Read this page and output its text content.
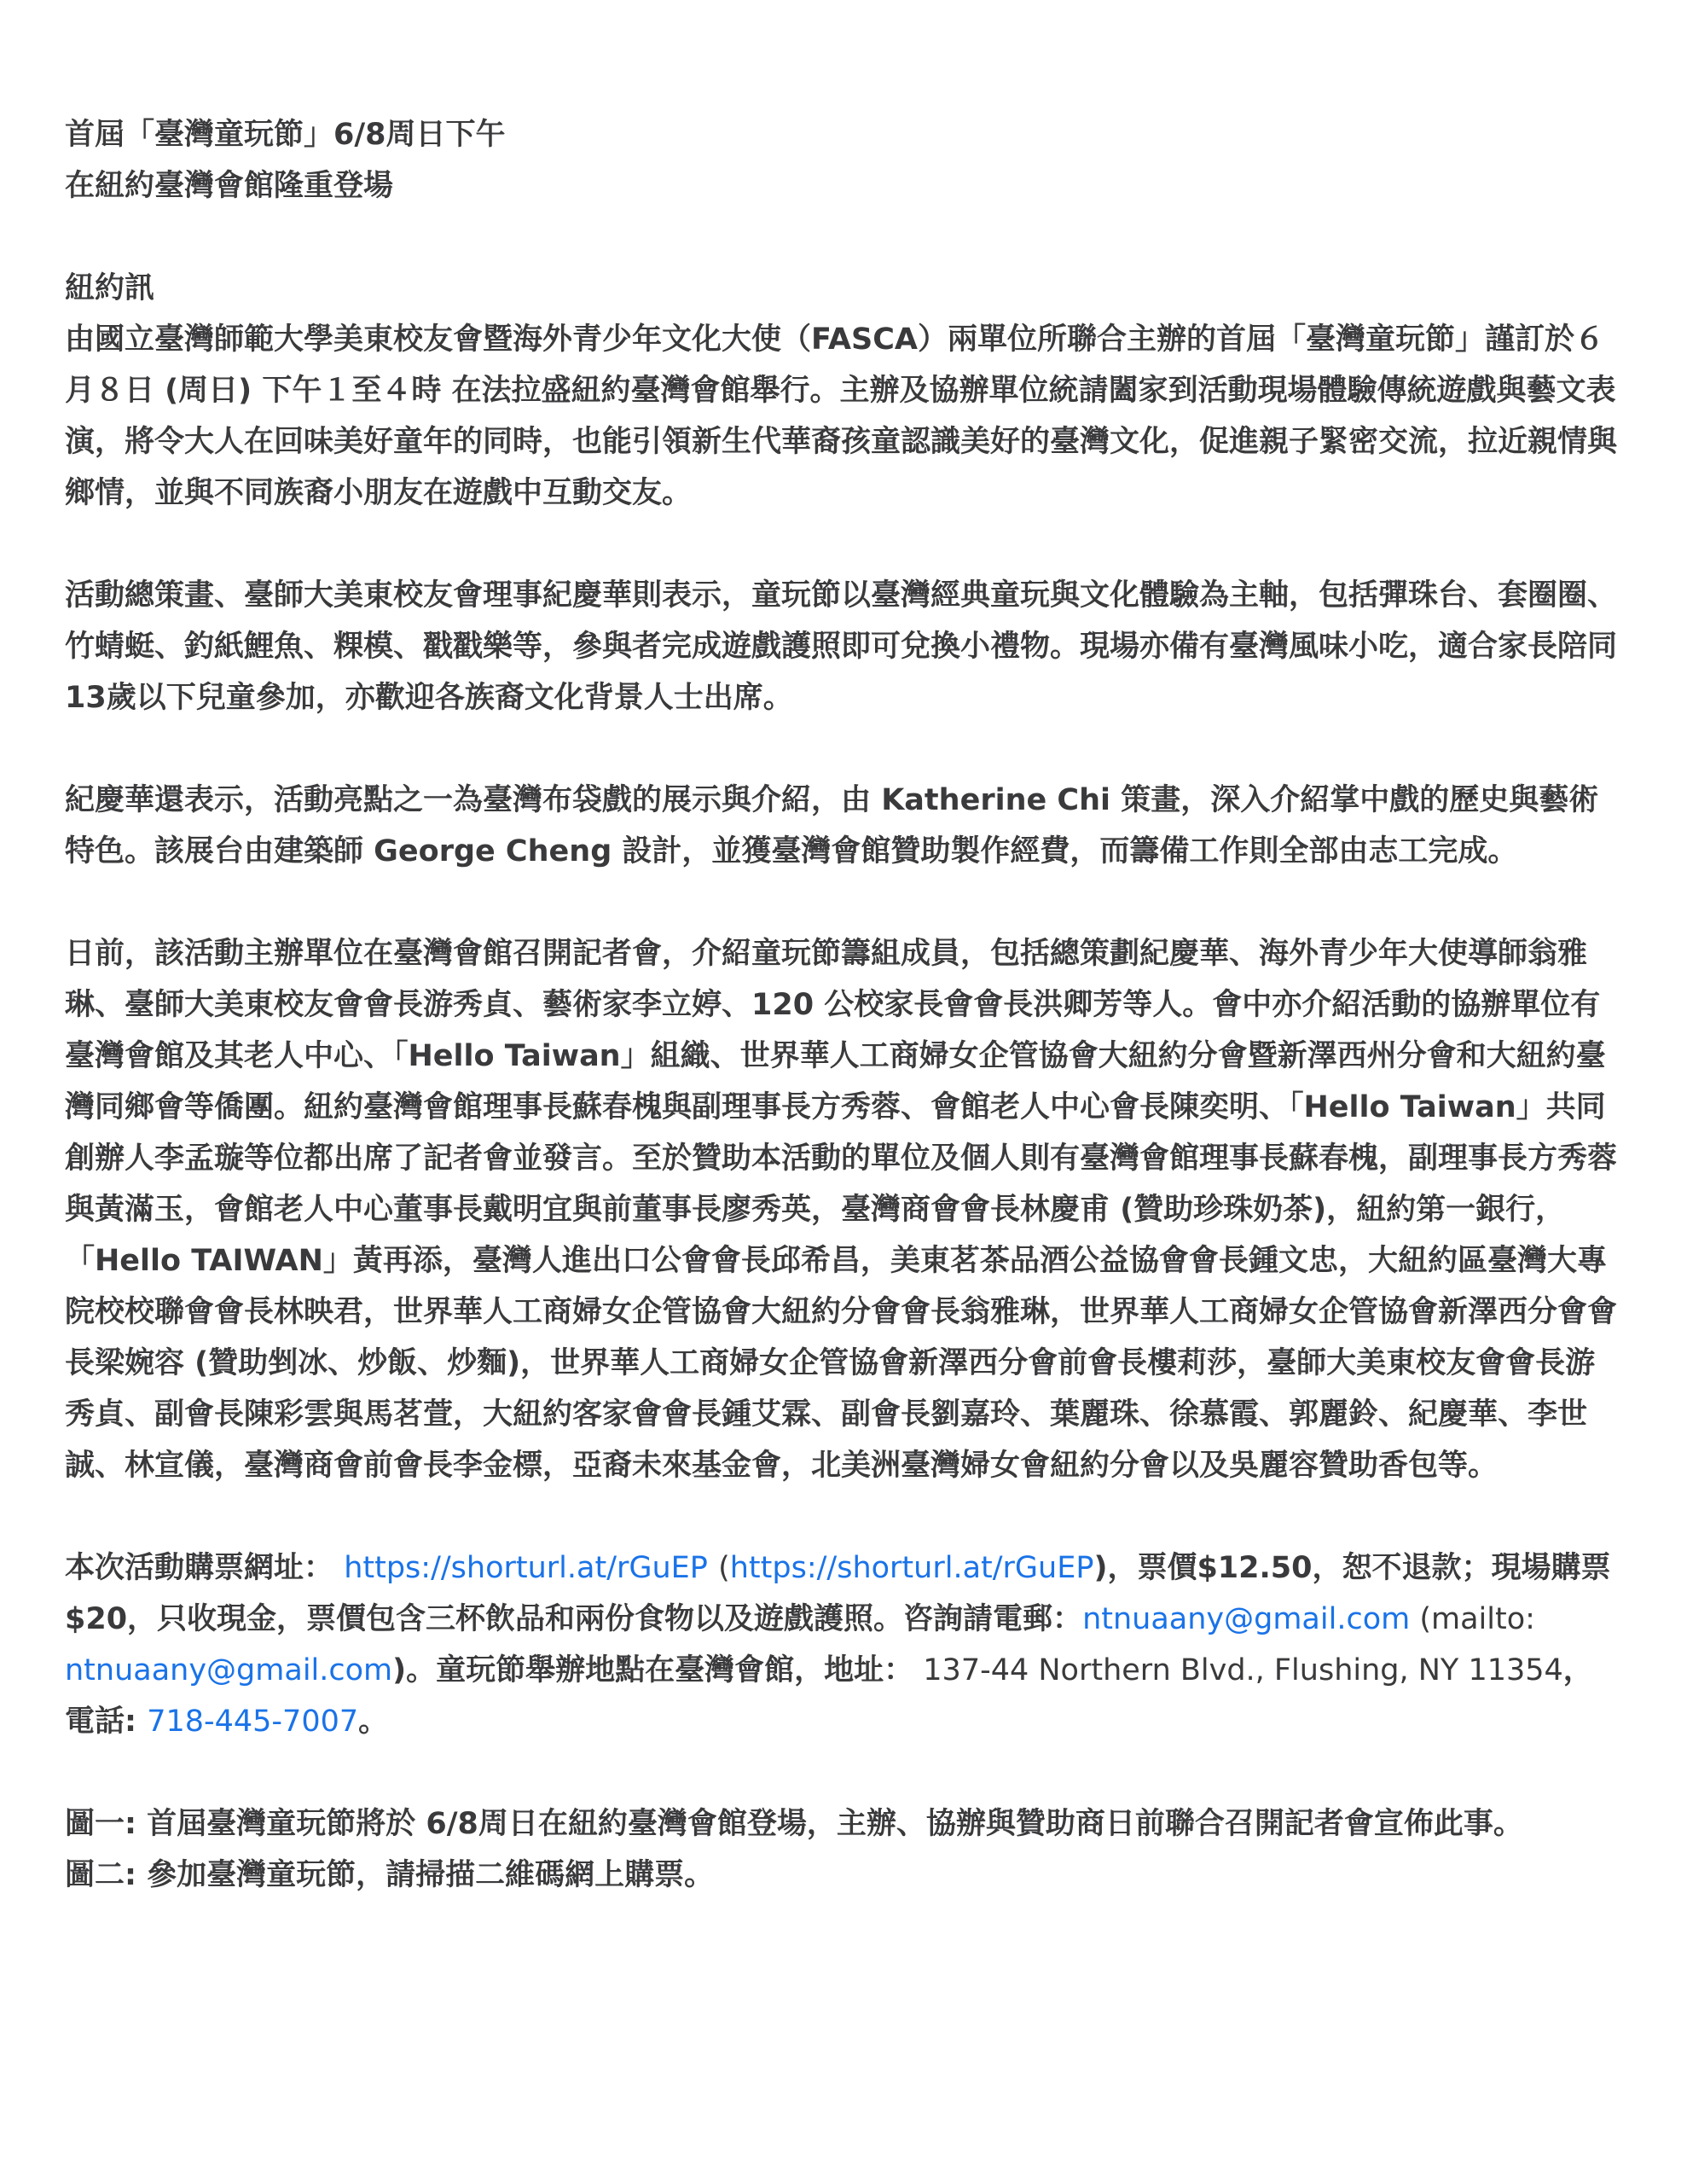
首屆「臺灣童玩節」6/8周日下午

在紐約臺灣會館隆重登場

紐約訊

由國立臺灣師範大學美東校友會暨海外青少年文化大使（FASCA）兩單位所聯合主辦的首屆「臺灣童玩節」謹訂於６月８日 (周日) 下午１至４時 在法拉盛紐約臺灣會館舉行。主辦及協辦單位統請闔家到活動現場體驗傳統遊戲與藝文表演，將令大人在回味美好童年的同時，也能引領新生代華裔孩童認識美好的臺灣文化，促進親子緊密交流，拉近親情與鄉情，並與不同族裔小朋友在遊戲中互動交友。

活動總策畫、臺師大美東校友會理事紀慶華則表示，童玩節以臺灣經典童玩與文化體驗為主軸，包括彈珠台、套圈圈、竹蜻蜓、釣紙鯉魚、粿模、戳戳樂等，參與者完成遊戲護照即可兌換小禮物。現場亦備有臺灣風味小吃，適合家長陪同13歲以下兒童參加，亦歡迎各族裔文化背景人士出席。

紀慶華還表示，活動亮點之一為臺灣布袋戲的展示與介紹，由 Katherine Chi 策畫，深入介紹掌中戲的歷史與藝術特色。該展台由建築師 George Cheng 設計，並獲臺灣會館贊助製作經費，而籌備工作則全部由志工完成。

日前，該活動主辦單位在臺灣會館召開記者會，介紹童玩節籌組成員，包括總策劃紀慶華、海外青少年大使導師翁雅琳、臺師大美東校友會會長游秀貞、藝術家李立婷、120 公校家長會會長洪卿芳等人。會中亦介紹活動的協辦單位有臺灣會館及其老人中心、「Hello Taiwan」組織、世界華人工商婦女企管協會大紐約分會暨新澤西州分會和大紐約臺灣同鄉會等僑團。紐約臺灣會館理事長蘇春槐與副理事長方秀蓉、會館老人中心會長陳奕明、「Hello Taiwan」共同創辦人李孟璇等位都出席了記者會並發言。至於贊助本活動的單位及個人則有臺灣會館理事長蘇春槐，副理事長方秀蓉與黃滿玉，會館老人中心董事長戴明宜與前董事長廖秀英，臺灣商會會長林慶甫 (贊助珍珠奶茶)，紐約第一銀行，「Hello TAIWAN」黃再添，臺灣人進出口公會會長邱希昌，美東茗茶品酒公益協會會長鍾文忠，大紐約區臺灣大專院校校聯會會長林映君，世界華人工商婦女企管協會大紐約分會會長翁雅琳，世界華人工商婦女企管協會新澤西分會會長梁婉容 (贊助剉冰、炒飯、炒麵)，世界華人工商婦女企管協會新澤西分會前會長樓莉莎，臺師大美東校友會會長游秀貞、副會長陳彩雲與馬茗萱，大紐約客家會會長鍾艾霖、副會長劉嘉玲、葉麗珠、徐慕霞、郭麗鈴、紀慶華、李世誠、林宣儀，臺灣商會前會長李金標，亞裔未來基金會，北美洲臺灣婦女會紐約分會以及吳麗容贊助香包等。

本次活動購票網址： https://shorturl.at/rGuEP (https://shorturl.at/rGuEP)，票價$12.50，恕不退款；現場購票$20，只收現金，票價包含三杯飲品和兩份食物以及遊戲護照。咨詢請電郵：ntnuaany@gmail.com (mailto: ntnuaany@gmail.com)。童玩節舉辦地點在臺灣會館，地址： 137-44 Northern Blvd., Flushing, NY 11354，電話: 718-445-7007。

圖一: 首屆臺灣童玩節將於 6/8周日在紐約臺灣會館登場，主辦、協辦與贊助商日前聯合召開記者會宣佈此事。

圖二: 參加臺灣童玩節，請掃描二維碼網上購票。
